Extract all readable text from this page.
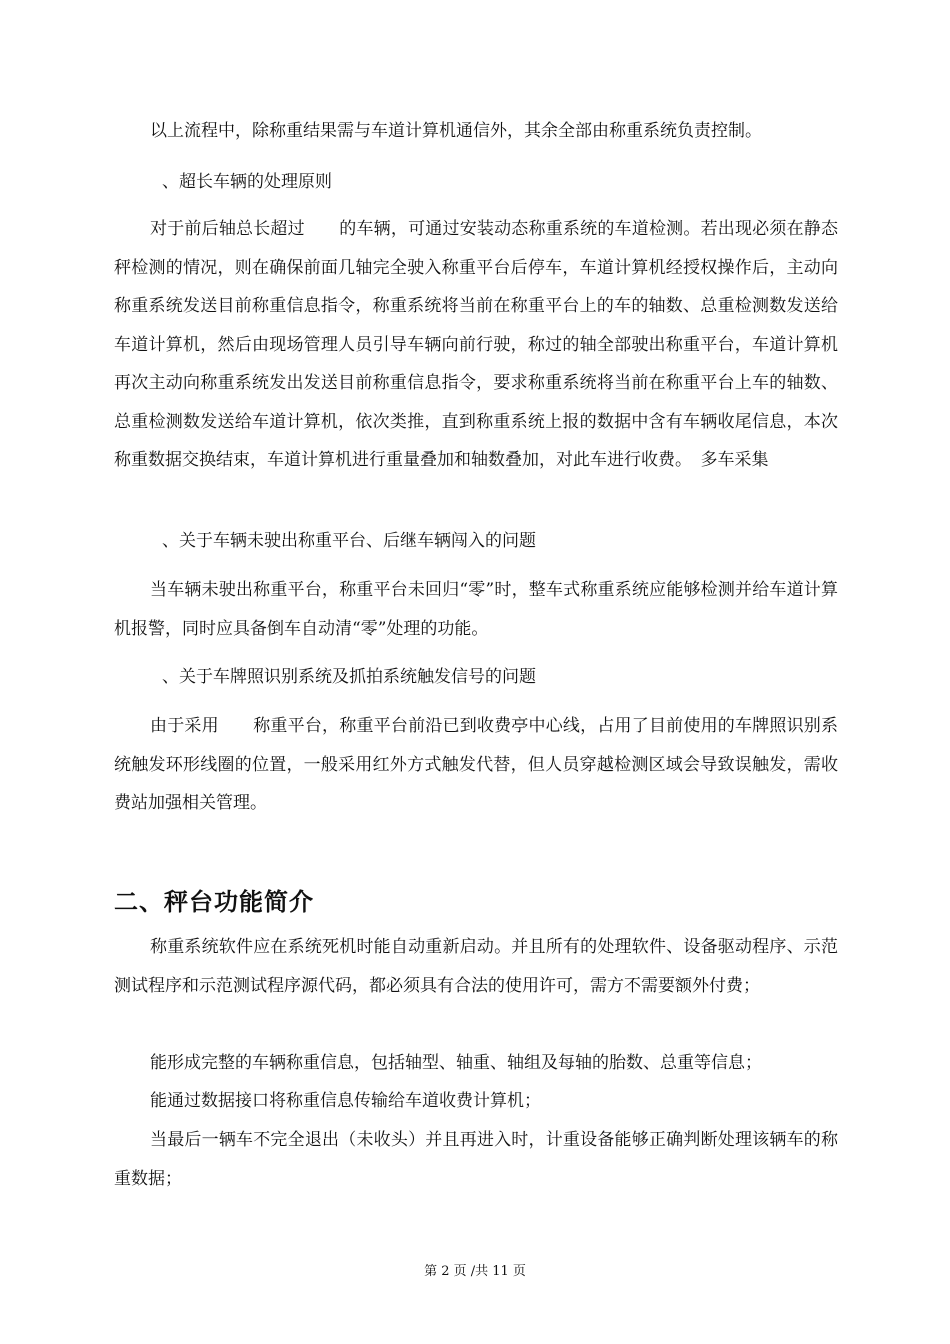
以上流程中，除称重结果需与车道计算机通信外，其余全部由称重系统负责控制。

、超长车辆的处理原则

对于前后轴总长超过　　的车辆，可通过安装动态称重系统的车道检测。若出现必须在静态秤检测的情况，则在确保前面几轴完全驶入称重平台后停车，车道计算机经授权操作后，主动向称重系统发送目前称重信息指令，称重系统将当前在称重平台上的车的轴数、总重检测数发送给车道计算机，然后由现场管理人员引导车辆向前行驶，称过的轴全部驶出称重平台，车道计算机再次主动向称重系统发出发送目前称重信息指令，要求称重系统将当前在称重平台上车的轴数、总重检测数发送给车道计算机，依次类推，直到称重系统上报的数据中含有车辆收尾信息，本次称重数据交换结束，车道计算机进行重量叠加和轴数叠加，对此车进行收费。　多车采集

、关于车辆未驶出称重平台、后继车辆闯入的问题

当车辆未驶出称重平台，称重平台未回归“零”时，整车式称重系统应能够检测并给车道计算机报警，同时应具备倒车自动清“零”处理的功能。

、关于车牌照识别系统及抓拍系统触发信号的问题

由于采用　　称重平台，称重平台前沿已到收费亭中心线，占用了目前使用的车牌照识别系统触发环形线圈的位置，一般采用红外方式触发代替，但人员穿越检测区域会导致误触发，需收费站加强相关管理。

二、秤台功能简介

称重系统软件应在系统死机时能自动重新启动。并且所有的处理软件、设备驱动程序、示范测试程序和示范测试程序源代码，都必须具有合法的使用许可，需方不需要额外付费；

能形成完整的车辆称重信息，包括轴型、轴重、轴组及每轴的胎数、总重等信息；

能通过数据接口将称重信息传输给车道收费计算机；

当最后一辆车不完全退出（未收头）并且再进入时，计重设备能够正确判断处理该辆车的称重数据；

第 2 页 /共 11 页
